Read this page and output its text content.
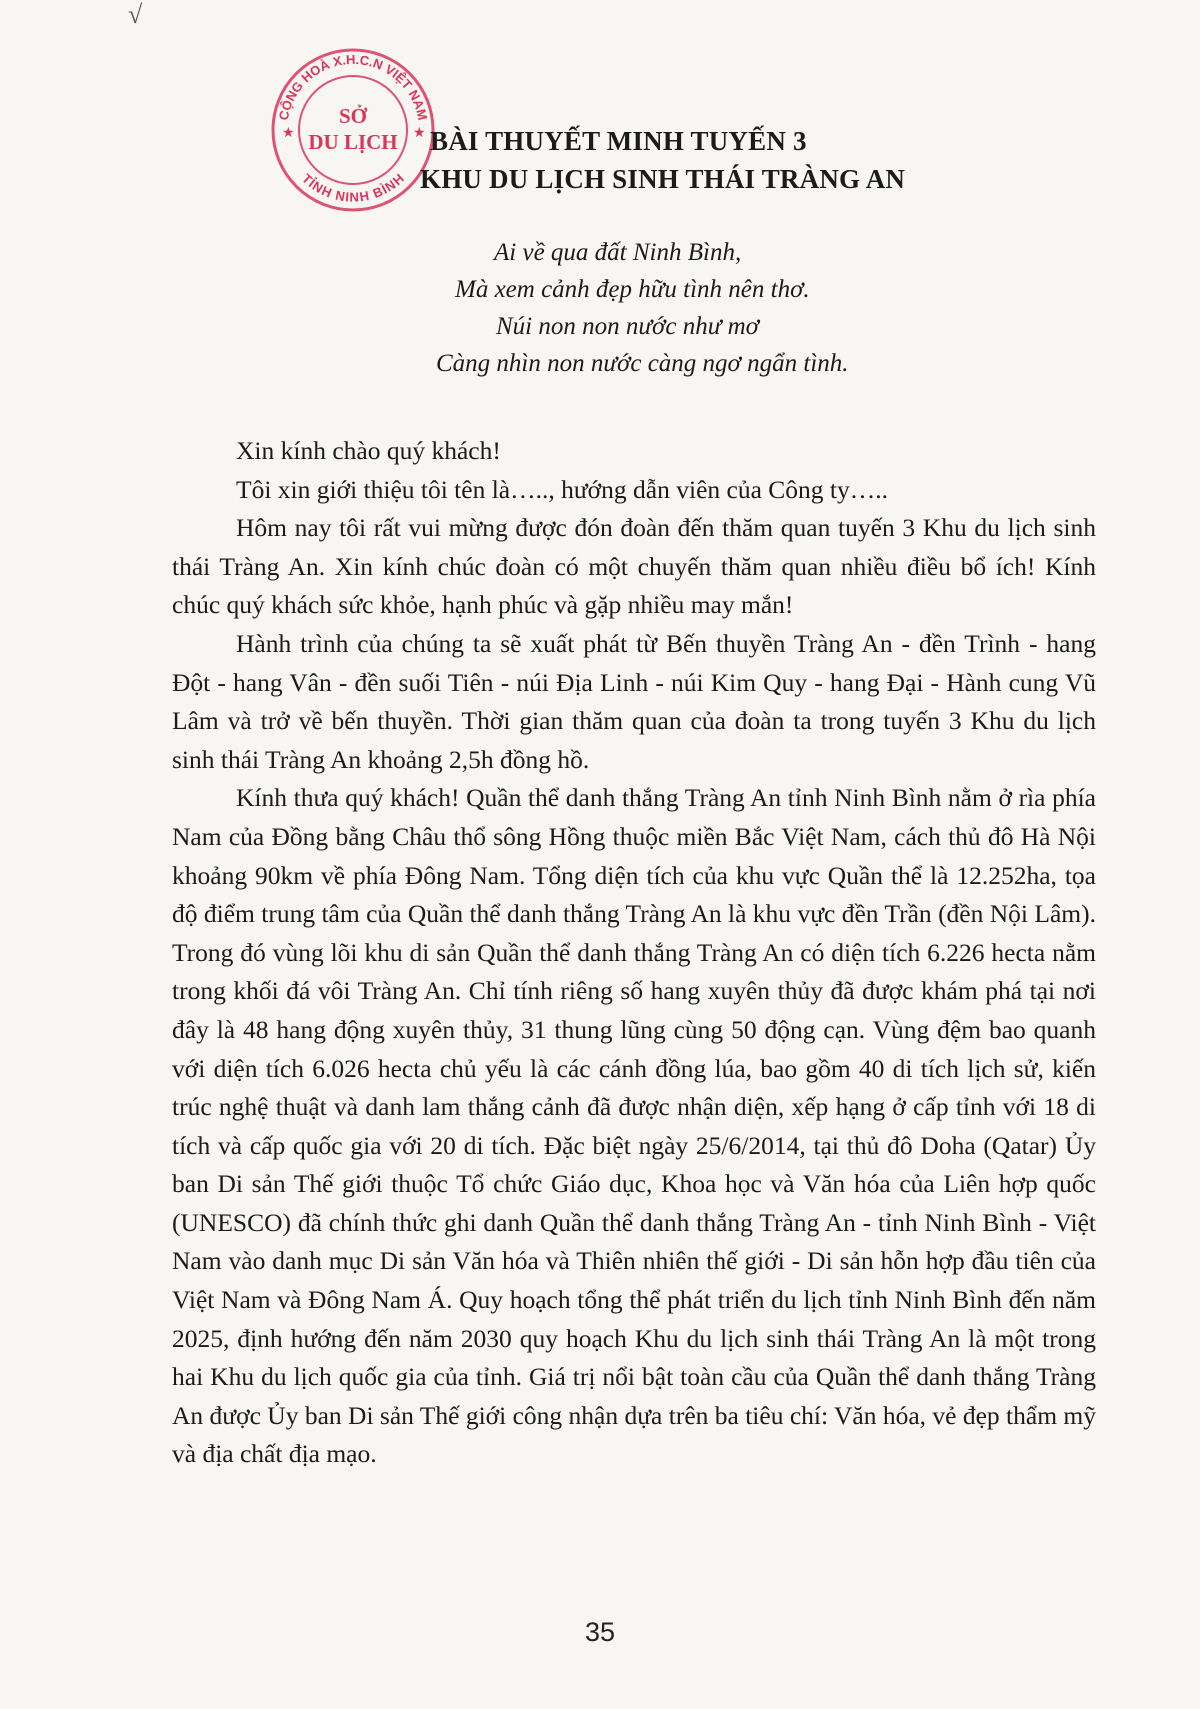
√
CỘNG HOÀ X.H.C.N VIỆT NAM
TỈNH NINH BÌNH
★	★
SỞ
DU LỊCH BÀI THUYẾT MINH TUYẾN 3
KHU DU LỊCH SINH THÁI TRÀNG AN
Ai về qua đất Ninh Bình,
Mà xem cảnh đẹp hữu tình nên thơ.
Núi non non nước như mơ
Càng nhìn non nước càng ngơ ngẩn tình.

Xin kính chào quý khách!

Tôi xin giới thiệu tôi tên là….., hướng dẫn viên của Công ty…..

Hôm nay tôi rất vui mừng được đón đoàn đến thăm quan tuyến 3 Khu du lịch sinh thái Tràng An. Xin kính chúc đoàn có một chuyến thăm quan nhiều điều bổ ích! Kính chúc quý khách sức khỏe, hạnh phúc và gặp nhiều may mắn!

Hành trình của chúng ta sẽ xuất phát từ Bến thuyền Tràng An - đền Trình - hang Đột - hang Vân - đền suối Tiên - núi Địa Linh - núi Kim Quy - hang Đại - Hành cung Vũ Lâm và trở về bến thuyền. Thời gian thăm quan của đoàn ta trong tuyến 3 Khu du lịch sinh thái Tràng An khoảng 2,5h đồng hồ.

Kính thưa quý khách! Quần thể danh thắng Tràng An tỉnh Ninh Bình nằm ở rìa phía Nam của Đồng bằng Châu thổ sông Hồng thuộc miền Bắc Việt Nam, cách thủ đô Hà Nội khoảng 90km về phía Đông Nam. Tổng diện tích của khu vực Quần thể là 12.252ha, tọa độ điểm trung tâm của Quần thể danh thắng Tràng An là khu vực đền Trần (đền Nội Lâm). Trong đó vùng lõi khu di sản Quần thể danh thắng Tràng An có diện tích 6.226 hecta nằm trong khối đá vôi Tràng An. Chỉ tính riêng số hang xuyên thủy đã được khám phá tại nơi đây là 48 hang động xuyên thủy, 31 thung lũng cùng 50 động cạn. Vùng đệm bao quanh với diện tích 6.026 hecta chủ yếu là các cánh đồng lúa, bao gồm 40 di tích lịch sử, kiến trúc nghệ thuật và danh lam thắng cảnh đã được nhận diện, xếp hạng ở cấp tỉnh với 18 di tích và cấp quốc gia với 20 di tích. Đặc biệt ngày 25/6/2014, tại thủ đô Doha (Qatar) Ủy ban Di sản Thế giới thuộc Tổ chức Giáo dục, Khoa học và Văn hóa của Liên hợp quốc (UNESCO) đã chính thức ghi danh Quần thể danh thắng Tràng An - tỉnh Ninh Bình - Việt Nam vào danh mục Di sản Văn hóa và Thiên nhiên thế giới - Di sản hỗn hợp đầu tiên của Việt Nam và Đông Nam Á. Quy hoạch tổng thể phát triển du lịch tỉnh Ninh Bình đến năm 2025, định hướng đến năm 2030 quy hoạch Khu du lịch sinh thái Tràng An là một trong hai Khu du lịch quốc gia của tỉnh. Giá trị nổi bật toàn cầu của Quần thể danh thắng Tràng An được Ủy ban Di sản Thế giới công nhận dựa trên ba tiêu chí: Văn hóa, vẻ đẹp thẩm mỹ và địa chất địa mạo.

35
